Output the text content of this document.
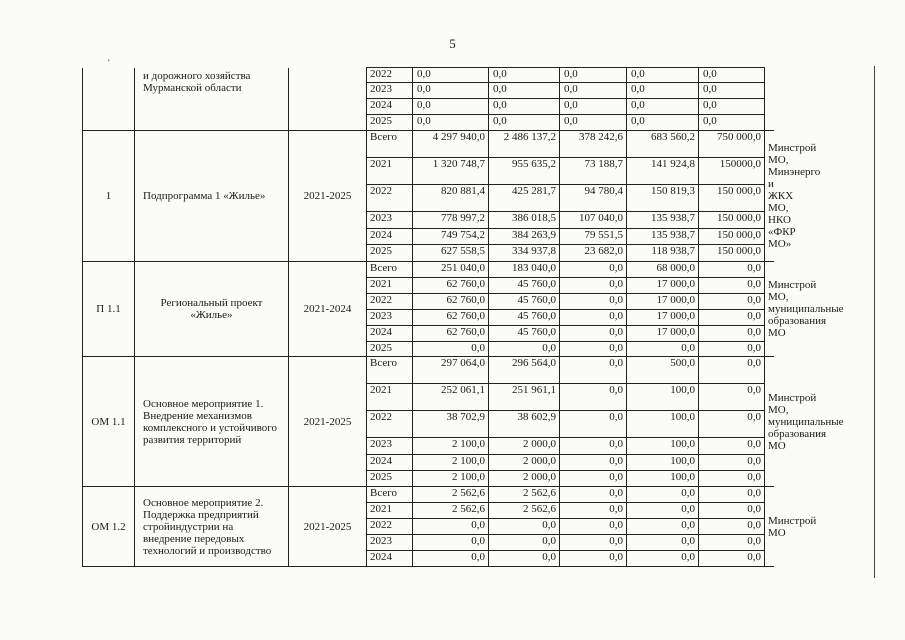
5
'
	и дорожного хозяйства Мурманской области		2022	0,0	0,0	0,0	0,0	0,0	
			2023	0,0	0,0	0,0	0,0	0,0	
			2024	0,0	0,0	0,0	0,0	0,0	
			2025	0,0	0,0	0,0	0,0	0,0	
1	Подпрограмма 1 «Жилье»	2021-2025	Всего	4 297 940,0	2 486 137,2	378 242,6	683 560,2	750 000,0	Минстрой МО, Минэнерго и ЖКХ МО, НКО «ФКР МО»
			2021	1 320 748,7	955 635,2	73 188,7	141 924,8	150000,0	
			2022	820 881,4	425 281,7	94 780,4	150 819,3	150 000,0	
			2023	778 997,2	386 018,5	107 040,0	135 938,7	150 000,0	
			2024	749 754,2	384 263,9	79 551,5	135 938,7	150 000,0	
			2025	627 558,5	334 937,8	23 682,0	118 938,7	150 000,0	
П 1.1	Региональный проект «Жилье»	2021-2024	Всего	251 040,0	183 040,0	0,0	68 000,0	0,0	Минстрой МО, муниципальные образования МО
			2021	62 760,0	45 760,0	0,0	17 000,0	0,0	
			2022	62 760,0	45 760,0	0,0	17 000,0	0,0	
			2023	62 760,0	45 760,0	0,0	17 000,0	0,0	
			2024	62 760,0	45 760,0	0,0	17 000,0	0,0	
			2025	0,0	0,0	0,0	0,0	0,0	
ОМ 1.1	Основное мероприятие 1. Внедрение механизмов комплексного и устойчивого развития территорий	2021-2025	Всего	297 064,0	296 564,0	0,0	500,0	0,0	Минстрой МО, муниципальные образования МО
			2021	252 061,1	251 961,1	0,0	100,0	0,0	
			2022	38 702,9	38 602,9	0,0	100,0	0,0	
			2023	2 100,0	2 000,0	0,0	100,0	0,0	
			2024	2 100,0	2 000,0	0,0	100,0	0,0	
			2025	2 100,0	2 000,0	0,0	100,0	0,0	
ОМ 1.2	Основное мероприятие 2. Поддержка предприятий стройиндустрии на внедрение передовых технологий и производство	2021-2025	Всего	2 562,6	2 562,6	0,0	0,0	0,0	Минстрой МО
			2021	2 562,6	2 562,6	0,0	0,0	0,0	
			2022	0,0	0,0	0,0	0,0	0,0	
			2023	0,0	0,0	0,0	0,0	0,0	
			2024	0,0	0,0	0,0	0,0	0,0	
